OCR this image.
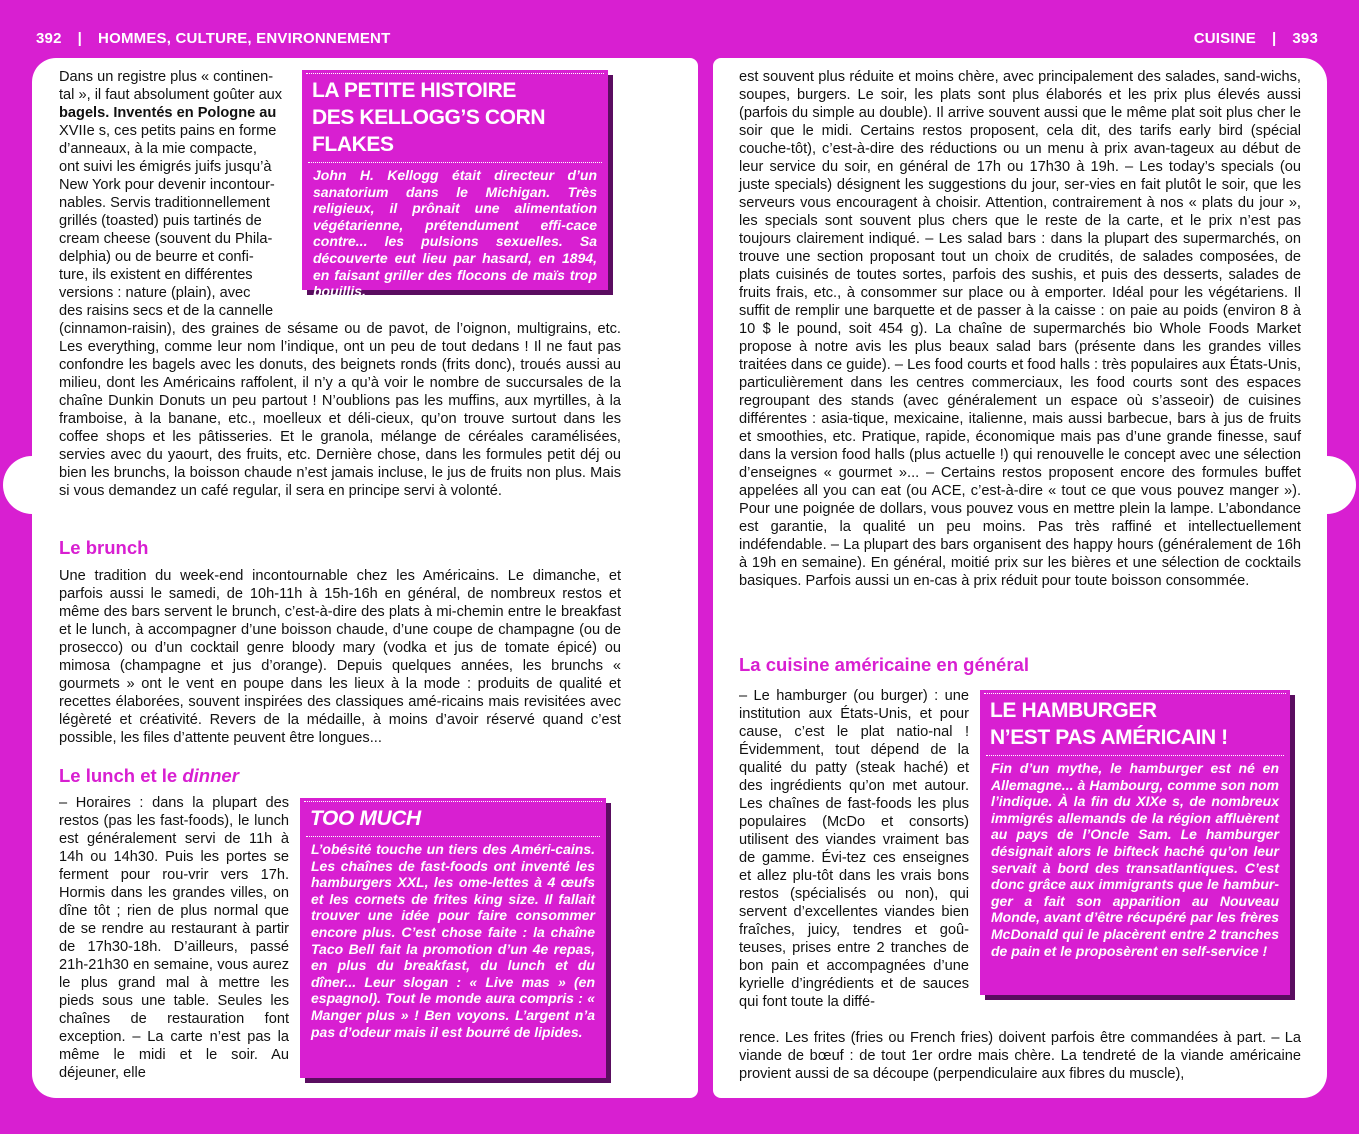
392 | HOMMES, CULTURE, ENVIRONNEMENT	CUISINE | 393
Dans un registre plus « continen-
tal », il faut absolument goûter aux
bagels. Inventés en Pologne au
XVIIe s, ces petits pains en forme
d’anneaux, à la mie compacte,
ont suivi les émigrés juifs jusqu’à
New York pour devenir incontour-
nables. Servis traditionnellement
grillés (toasted) puis tartinés de
cream cheese (souvent du Phila-
delphia) ou de beurre et confi-
ture, ils existent en différentes
versions : nature (plain), avec
des raisins secs et de la cannelle
LA PETITE HISTOIRE
DES KELLOGG’S CORN FLAKES
John H. Kellogg était directeur d’un sanatorium dans le Michigan. Très religieux, il prônait une alimentation végétarienne, prétendument effi-cace contre... les pulsions sexuelles. Sa découverte eut lieu par hasard, en 1894, en faisant griller des flocons de maïs trop bouillis.
(cinnamon-raisin), des graines de sésame ou de pavot, de l’oignon, multigrains, etc. Les everything, comme leur nom l’indique, ont un peu de tout dedans ! Il ne faut pas confondre les bagels avec les donuts, des beignets ronds (frits donc), troués aussi au milieu, dont les Américains raffolent, il n’y a qu’à voir le nombre de succursales de la chaîne Dunkin Donuts un peu partout ! N’oublions pas les muffins, aux myrtilles, à la framboise, à la banane, etc., moelleux et déli-cieux, qu’on trouve surtout dans les coffee shops et les pâtisseries. Et le granola, mélange de céréales caramélisées, servies avec du yaourt, des fruits, etc. Dernière chose, dans les formules petit déj ou bien les brunchs, la boisson chaude n’est jamais incluse, le jus de fruits non plus. Mais si vous demandez un café regular, il sera en principe servi à volonté.
Le brunch
Une tradition du week-end incontournable chez les Américains. Le dimanche, et parfois aussi le samedi, de 10h-11h à 15h-16h en général, de nombreux restos et même des bars servent le brunch, c’est-à-dire des plats à mi-chemin entre le breakfast et le lunch, à accompagner d’une boisson chaude, d’une coupe de champagne (ou de prosecco) ou d’un cocktail genre bloody mary (vodka et jus de tomate épicé) ou mimosa (champagne et jus d’orange). Depuis quelques années, les brunchs « gourmets » ont le vent en poupe dans les lieux à la mode : produits de qualité et recettes élaborées, souvent inspirées des classiques amé-ricains mais revisitées avec légèreté et créativité. Revers de la médaille, à moins d’avoir réservé quand c’est possible, les files d’attente peuvent être longues...
Le lunch et le dinner
– Horaires : dans la plupart des restos (pas les fast-foods), le lunch est généralement servi de 11h à 14h ou 14h30. Puis les portes se ferment pour rou-vrir vers 17h. Hormis dans les grandes villes, on dîne tôt ; rien de plus normal que de se rendre au restaurant à partir de 17h30-18h. D’ailleurs, passé 21h-21h30 en semaine, vous aurez le plus grand mal à mettre les pieds sous une table. Seules les chaînes de restauration font exception. – La carte n’est pas la même le midi et le soir. Au déjeuner, elle
TOO MUCH
L’obésité touche un tiers des Améri-cains. Les chaînes de fast-foods ont inventé les hamburgers XXL, les ome-lettes à 4 œufs et les cornets de frites king size. Il fallait trouver une idée pour faire consommer encore plus. C’est chose faite : la chaîne Taco Bell fait la promotion d’un 4e repas, en plus du breakfast, du lunch et du dîner... Leur slogan : « Live mas » (en espagnol). Tout le monde aura compris : « Manger plus » ! Ben voyons. L’argent n’a pas d’odeur mais il est bourré de lipides.
est souvent plus réduite et moins chère, avec principalement des salades, sand-wichs, soupes, burgers. Le soir, les plats sont plus élaborés et les prix plus élevés aussi (parfois du simple au double). Il arrive souvent aussi que le même plat soit plus cher le soir que le midi. Certains restos proposent, cela dit, des tarifs early bird (spécial couche-tôt), c’est-à-dire des réductions ou un menu à prix avan-tageux au début de leur service du soir, en général de 17h ou 17h30 à 19h. – Les today’s specials (ou juste specials) désignent les suggestions du jour, ser-vies en fait plutôt le soir, que les serveurs vous encouragent à choisir. Attention, contrairement à nos « plats du jour », les specials sont souvent plus chers que le reste de la carte, et le prix n’est pas toujours clairement indiqué. – Les salad bars : dans la plupart des supermarchés, on trouve une section proposant tout un choix de crudités, de salades composées, de plats cuisinés de toutes sortes, parfois des sushis, et puis des desserts, salades de fruits frais, etc., à consommer sur place ou à emporter. Idéal pour les végétariens. Il suffit de remplir une barquette et de passer à la caisse : on paie au poids (environ 8 à 10 $ le pound, soit 454 g). La chaîne de supermarchés bio Whole Foods Market propose à notre avis les plus beaux salad bars (présente dans les grandes villes traitées dans ce guide). – Les food courts et food halls : très populaires aux États-Unis, particulièrement dans les centres commerciaux, les food courts sont des espaces regroupant des stands (avec généralement un espace où s’asseoir) de cuisines différentes : asia-tique, mexicaine, italienne, mais aussi barbecue, bars à jus de fruits et smoothies, etc. Pratique, rapide, économique mais pas d’une grande finesse, sauf dans la version food halls (plus actuelle !) qui renouvelle le concept avec une sélection d’enseignes « gourmet »... – Certains restos proposent encore des formules buffet appelées all you can eat (ou ACE, c’est-à-dire « tout ce que vous pouvez manger »). Pour une poignée de dollars, vous pouvez vous en mettre plein la lampe. L’abondance est garantie, la qualité un peu moins. Pas très raffiné et intellectuellement indéfendable. – La plupart des bars organisent des happy hours (généralement de 16h à 19h en semaine). En général, moitié prix sur les bières et une sélection de cocktails basiques. Parfois aussi un en-cas à prix réduit pour toute boisson consommée.
La cuisine américaine en général
– Le hamburger (ou burger) : une institution aux États-Unis, et pour cause, c’est le plat natio-nal ! Évidemment, tout dépend de la qualité du patty (steak haché) et des ingrédients qu’on met autour. Les chaînes de fast-foods les plus populaires (McDo et consorts) utilisent des viandes vraiment bas de gamme. Évi-tez ces enseignes et allez plu-tôt dans les vrais bons restos (spécialisés ou non), qui servent d’excellentes viandes bien fraîches, juicy, tendres et goû-teuses, prises entre 2 tranches de bon pain et accompagnées d’une kyrielle d’ingrédients et de sauces qui font toute la diffé-
LE HAMBURGER
N’EST PAS AMÉRICAIN !
Fin d’un mythe, le hamburger est né en Allemagne... à Hambourg, comme son nom l’indique. À la fin du XIXe s, de nombreux immigrés allemands de la région affluèrent au pays de l’Oncle Sam. Le hamburger désignait alors le bifteck haché qu’on leur servait à bord des transatlantiques. C’est donc grâce aux immigrants que le hambur-ger a fait son apparition au Nouveau Monde, avant d’être récupéré par les frères McDonald qui le placèrent entre 2 tranches de pain et le proposèrent en self-service !
rence. Les frites (fries ou French fries) doivent parfois être commandées à part. – La viande de bœuf : de tout 1er ordre mais chère. La tendreté de la viande américaine provient aussi de sa découpe (perpendiculaire aux fibres du muscle),
